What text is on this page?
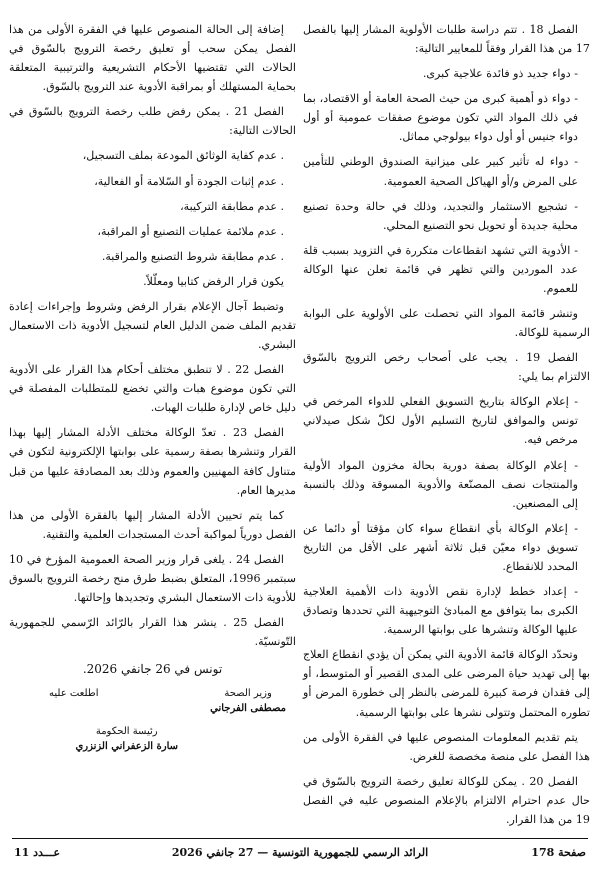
الفصل 18 . تتم دراسة طلبات الأولوية المشار إليها بالفصل 17 من هذا القرار وفقاً للمعايير التالية:

- دواء جديد ذو فائدة علاجية كبرى.

- دواء ذو أهمية كبرى من حيث الصحة العامة أو الاقتصاد، بما في ذلك المواد التي تكون موضوع صفقات عمومية أو أول دواء جنيس أو أول دواء بيولوجي مماثل.

- دواء له تأثير كبير على ميزانية الصندوق الوطني للتأمين على المرض و/أو الهياكل الصحية العمومية.

- تشجيع الاستثمار والتجديد، وذلك في حالة وحدة تصنيع محلية جديدة أو تحويل نحو التصنيع المحلي.

- الأدوية التي تشهد انقطاعات متكررة في التزويد بسبب قلة عدد الموردين والتي تظهر في قائمة تعلن عنها الوكالة للعموم.

وتنشر قائمة المواد التي تحصلت على الأولوية على البوابة الرسمية للوكالة.

الفصل 19 . يجب على أصحاب رخص الترويج بالسّوق الالتزام بما يلي:

- إعلام الوكالة بتاريخ التسويق الفعلي للدواء المرخص في تونس والموافق لتاريخ التسليم الأول لكلّ شكل صيدلاني مرخص فيه.

- إعلام الوكالة بصفة دورية بحالة مخزون المواد الأولية والمنتجات نصف المصنّعة والأدوية المسوقة وذلك بالنسبة إلى المصنعين.

- إعلام الوكالة بأي انقطاع سواء كان مؤقتا أو دائما عن تسويق دواء معيّن قبل ثلاثة أشهر على الأقل من التاريخ المحدد للانقطاع.

- إعداد خطط لإدارة نقص الأدوية ذات الأهمية العلاجية الكبرى بما يتوافق مع المبادئ التوجيهية التي تحددها وتصادق عليها الوكالة وتنشرها على بوابتها الرسمية.

وتحدّد الوكالة قائمة الأدوية التي يمكن أن يؤدي انقطاع العلاج بها إلى تهديد حياة المرضى على المدى القصير أو المتوسط، أو إلى فقدان فرصة كبيرة للمرضى بالنظر إلى خطورة المرض أو تطوره المحتمل وتتولى نشرها على بوابتها الرسمية.

يتم تقديم المعلومات المنصوص عليها في الفقرة الأولى من هذا الفصل على منصة مخصصة للغرض.

الفصل 20 . يمكن للوكالة تعليق رخصة الترويج بالسّوق في حال عدم احترام الالتزام بالإعلام المنصوص عليه في الفصل 19 من هذا القرار.

إضافة إلى الحالة المنصوص عليها في الفقرة الأولى من هذا الفصل يمكن سحب أو تعليق رخصة الترويج بالسّوق في الحالات التي تقتضيها الأحكام التشريعية والترتيبية المتعلقة بحماية المستهلك أو بمراقبة الأدوية عند الترويج بالسّوق.

الفصل 21 . يمكن رفض طلب رخصة الترويج بالسّوق في الحالات التالية:

. عدم كفاية الوثائق المودعة بملف التسجيل،

. عدم إثبات الجودة أو السّلامة أو الفعالية،

. عدم مطابقة التركيبة،

. عدم ملائمة عمليات التصنيع أو المراقبة،

. عدم مطابقة شروط التصنيع والمراقبة.

يكون قرار الرفض كتابيا ومعلّلاً.

وتضبط آجال الإعلام بقرار الرفض وشروط وإجراءات إعادة تقديم الملف ضمن الدليل العام لتسجيل الأدوية ذات الاستعمال البشري.

الفصل 22 . لا تنطبق مختلف أحكام هذا القرار على الأدوية التي تكون موضوع هبات والتي تخضع للمتطلبات المفصلة في دليل خاص لإدارة طلبات الهبات.

الفصل 23 . تعدّ الوكالة مختلف الأدلة المشار إليها بهذا القرار وتنشرها بصفة رسمية على بوابتها الإلكترونية لتكون في متناول كافة المهنيين والعموم وذلك بعد المصادقة عليها من قبل مديرها العام.

كما يتم تحيين الأدلة المشار إليها بالفقرة الأولى من هذا الفصل دورياً لمواكبة أحدث المستجدات العلمية والتقنية.

الفصل 24 . يلغى قرار وزير الصحة العمومية المؤرخ في 10 سبتمبر 1996، المتعلق بضبط طرق منح رخصة الترويج بالسوق للأدوية ذات الاستعمال البشري وتجديدها وإحالتها.

الفصل 25 . ينشر هذا القرار بالرّائد الرّسمي للجمهورية التّونسيّة.

تونس في 26 جانفي 2026.

وزير الصحة
مصطفى الفرجاني
اطلعت عليه
رئيسة الحكومة
سارة الزعفراني الزنزري
صفحة 178
الرائد الرسمي للجمهورية التونسية — 27 جانفي 2026
عـــدد 11
